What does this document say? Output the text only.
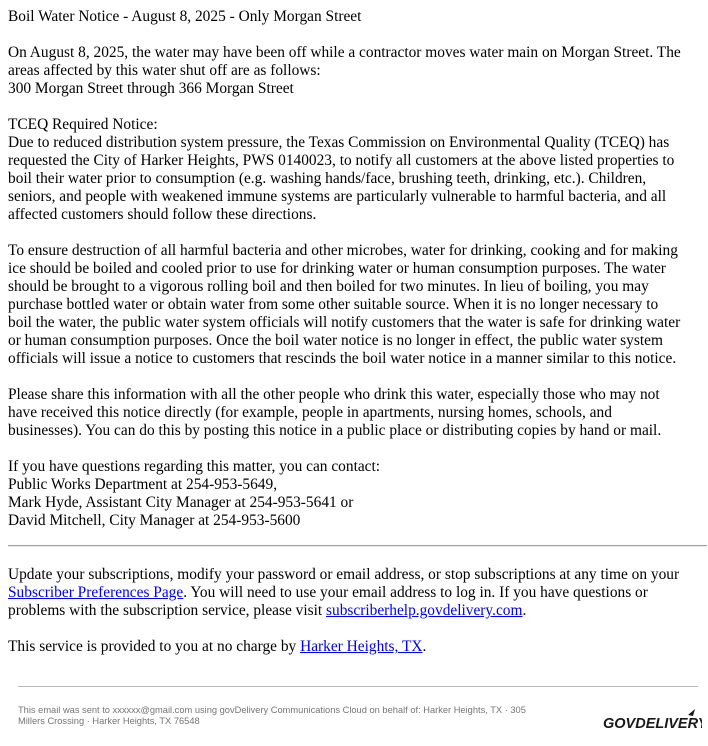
Boil Water Notice - August 8, 2025 - Only Morgan Street

On August 8, 2025, the water may have been off while a contractor moves water main on Morgan Street. The
areas affected by this water shut off are as follows:
300 Morgan Street through 366 Morgan Street

TCEQ Required Notice:
Due to reduced distribution system pressure, the Texas Commission on Environmental Quality (TCEQ) has
requested the City of Harker Heights, PWS 0140023, to notify all customers at the above listed properties to
boil their water prior to consumption (e.g. washing hands/face, brushing teeth, drinking, etc.). Children,
seniors, and people with weakened immune systems are particularly vulnerable to harmful bacteria, and all
affected customers should follow these directions.

To ensure destruction of all harmful bacteria and other microbes, water for drinking, cooking and for making
ice should be boiled and cooled prior to use for drinking water or human consumption purposes. The water
should be brought to a vigorous rolling boil and then boiled for two minutes. In lieu of boiling, you may
purchase bottled water or obtain water from some other suitable source. When it is no longer necessary to
boil the water, the public water system officials will notify customers that the water is safe for drinking water
or human consumption purposes. Once the boil water notice is no longer in effect, the public water system
officials will issue a notice to customers that rescinds the boil water notice in a manner similar to this notice.

Please share this information with all the other people who drink this water, especially those who may not
have received this notice directly (for example, people in apartments, nursing homes, schools, and
businesses). You can do this by posting this notice in a public place or distributing copies by hand or mail.

If you have questions regarding this matter, you can contact:
Public Works Department at 254-953-5649,
Mark Hyde, Assistant City Manager at 254-953-5641 or
David Mitchell, City Manager at 254-953-5600

Update your subscriptions, modify your password or email address, or stop subscriptions at any time on your
Subscriber Preferences Page. You will need to use your email address to log in. If you have questions or
problems with the subscription service, please visit subscriberhelp.govdelivery.com.

This service is provided to you at no charge by Harker Heights, TX.

This email was sent to xxxxxx@gmail.com using govDelivery Communications Cloud on behalf of: Harker Heights, TX · 305
Millers Crossing · Harker Heights, TX 76548	GOVDELIVERY
